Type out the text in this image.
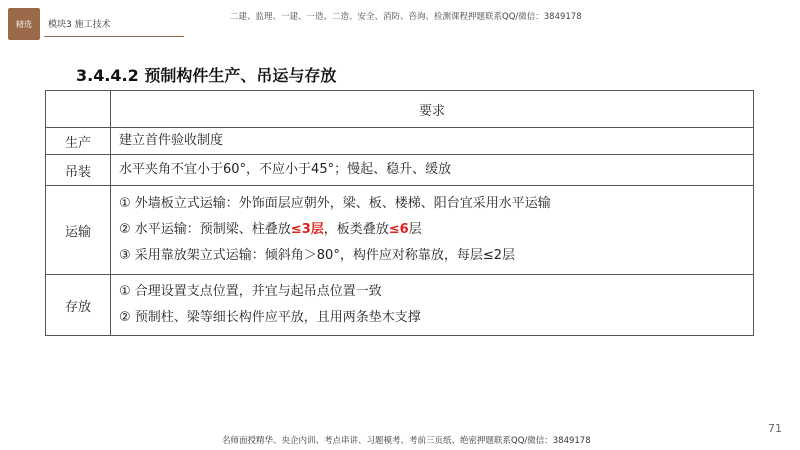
精选 模块3 施工技术
二建、监理、一建、一造、二造、安全、消防、咨询、检测课程押题联系QQ/微信：3849178
3.4.4.2 预制构件生产、吊运与存放
	要求
生产	建立首件验收制度

吊装	水平夹角不宜小于60°，不应小于45°；慢起、稳升、缓放

运输	① 外墙板立式运输：外饰面层应朝外，梁、板、楼梯、阳台宜采用水平运输
② 水平运输：预制梁、柱叠放≤3层，板类叠放≤6层
③ 采用靠放架立式运输：倾斜角＞80°，构件应对称靠放，每层≤2层

存放	① 合理设置支点位置，并宜与起吊点位置一致
② 预制柱、梁等细长构件应平放，且用两条垫木支撑
71
名师面授精华、央企内训、考点串讲、习题模考、考前三页纸、绝密押题联系QQ/微信：3849178
